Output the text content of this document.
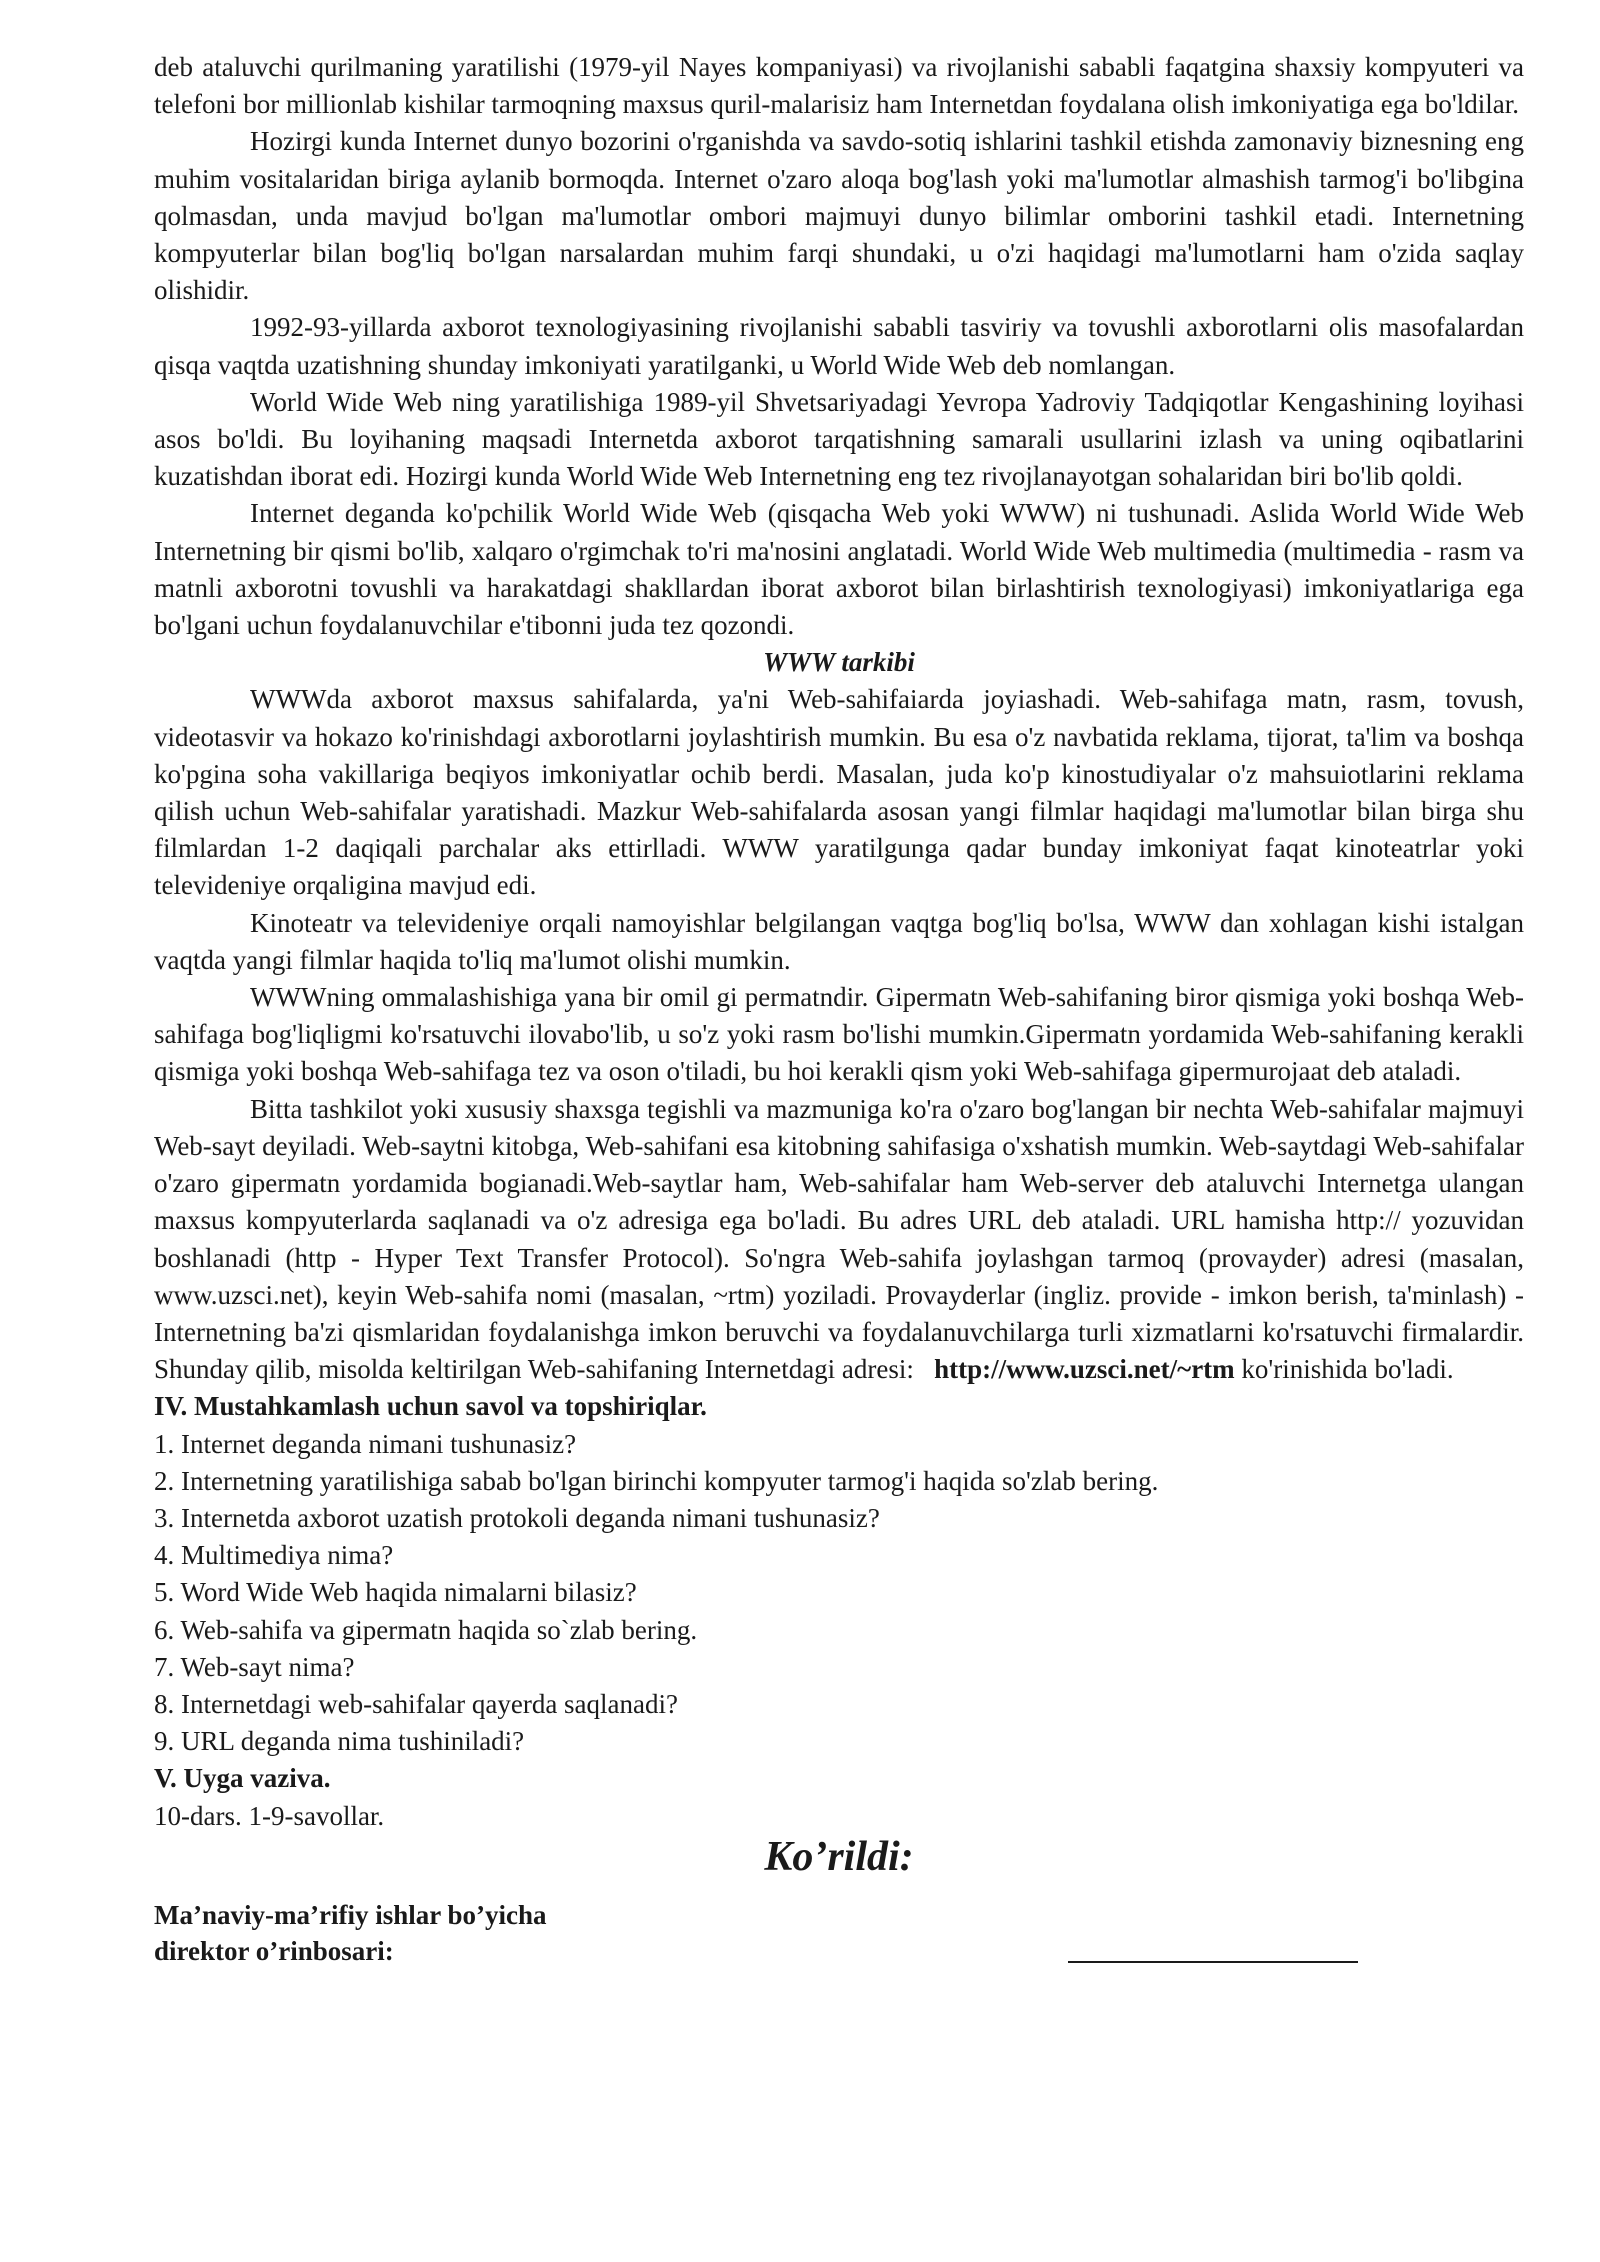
deb ataluvchi qurilmaning yaratilishi (1979-yil Nayes kompaniyasi) va rivojlanishi sababli faqatgina shaxsiy kompyuteri va telefoni bor millionlab kishilar tarmoqning maxsus quril-malarisiz ham Internetdan foydalana olish imkoniyatiga ega bo'ldilar.

Hozirgi kunda Internet dunyo bozorini o'rganishda va savdo-sotiq ishlarini tashkil etishda zamonaviy biznesning eng muhim vositalaridan biriga aylanib bormoqda. Internet o'zaro aloqa bog'lash yoki ma'lumotlar almashish tarmog'i bo'libgina qolmasdan, unda mavjud bo'lgan ma'lumotlar ombori majmuyi dunyo bilimlar omborini tashkil etadi. Internetning kompyuterlar bilan bog'liq bo'lgan narsalardan muhim farqi shundaki, u o'zi haqidagi ma'lumotlarni ham o'zida saqlay olishidir.

1992-93-yillarda axborot texnologiyasining rivojlanishi sababli tasviriy va tovushli axborotlarni olis masofalardan qisqa vaqtda uzatishning shunday imkoniyati yaratilganki, u World Wide Web deb nomlangan.

World Wide Web ning yaratilishiga 1989-yil Shvetsariyadagi Yevropa Yadroviy Tadqiqotlar Kengashining loyihasi asos bo'ldi. Bu loyihaning maqsadi Internetda axborot tarqatishning samarali usullarini izlash va uning oqibatlarini kuzatishdan iborat edi. Hozirgi kunda World Wide Web Internetning eng tez rivojlanayotgan sohalaridan biri bo'lib qoldi.

Internet deganda ko'pchilik World Wide Web (qisqacha Web yoki WWW) ni tushunadi. Aslida World Wide Web Internetning bir qismi bo'lib, xalqaro o'rgimchak to'ri ma'nosini anglatadi. World Wide Web multimedia (multimedia - rasm va matnli axborotni tovushli va harakatdagi shakllardan iborat axborot bilan birlashtirish texnologiyasi) imkoniyatlariga ega bo'lgani uchun foydalanuvchilar e'tibonni juda tez qozondi.

WWW tarkibi

WWWda axborot maxsus sahifalarda, ya'ni Web-sahifaiarda joyiashadi. Web-sahifaga matn, rasm, tovush, videotasvir va hokazo ko'rinishdagi axborotlarni joylashtirish mumkin. Bu esa o'z navbatida reklama, tijorat, ta'lim va boshqa ko'pgina soha vakillariga beqiyos imkoniyatlar ochib berdi. Masalan, juda ko'p kinostudiyalar o'z mahsuiotlarini reklama qilish uchun Web-sahifalar yaratishadi. Mazkur Web-sahifalarda asosan yangi filmlar haqidagi ma'lumotlar bilan birga shu filmlardan 1-2 daqiqali parchalar aks ettirlladi. WWW yaratilgunga qadar bunday imkoniyat faqat kinoteatrlar yoki televideniye orqaligina mavjud edi.

Kinoteatr va televideniye orqali namoyishlar belgilangan vaqtga bog'liq bo'lsa, WWW dan xohlagan kishi istalgan vaqtda yangi filmlar haqida to'liq ma'lumot olishi mumkin.

WWWning ommalashishiga yana bir omil gi permatndir. Gipermatn Web-sahifaning biror qismiga yoki boshqa Web-sahifaga bog'liqligmi ko'rsatuvchi ilovabo'lib, u so'z yoki rasm bo'lishi mumkin.Gipermatn yordamida Web-sahifaning kerakli qismiga yoki boshqa Web-sahifaga tez va oson o'tiladi, bu hoi kerakli qism yoki Web-sahifaga gipermurojaat deb ataladi.

Bitta tashkilot yoki xususiy shaxsga tegishli va mazmuniga ko'ra o'zaro bog'langan bir nechta Web-sahifalar majmuyi Web-sayt deyiladi. Web-saytni kitobga, Web-sahifani esa kitobning sahifasiga o'xshatish mumkin. Web-saytdagi Web-sahifalar o'zaro gipermatn yordamida bogianadi.Web-saytlar ham, Web-sahifalar ham Web-server deb ataluvchi Internetga ulangan maxsus kompyuterlarda saqlanadi va o'z adresiga ega bo'ladi. Bu adres URL deb ataladi. URL hamisha http:// yozuvidan boshlanadi (http - Hyper Text Transfer Protocol). So'ngra Web-sahifa joylashgan tarmoq (provayder) adresi (masalan, www.uzsci.net), keyin Web-sahifa nomi (masalan, ~rtm) yoziladi. Provayderlar (ingliz. provide - imkon berish, ta'minlash) -Internetning ba'zi qismlaridan foydalanishga imkon beruvchi va foydalanuvchilarga turli xizmatlarni ko'rsatuvchi firmalardir. Shunday qilib, misolda keltirilgan Web-sahifaning Internetdagi adresi: http://www.uzsci.net/~rtm ko'rinishida bo'ladi.

IV. Mustahkamlash uchun savol va topshiriqlar.

1. Internet deganda nimani tushunasiz?

2. Internetning yaratilishiga sabab bo'lgan birinchi kompyuter tarmog'i haqida so'zlab bering.

3. Internetda axborot uzatish protokoli deganda nimani tushunasiz?

4. Multimediya nima?

5. Word Wide Web haqida nimalarni bilasiz?

6. Web-sahifa va gipermatn haqida so`zlab bering.

7. Web-sayt nima?

8. Internetdagi web-sahifalar qayerda saqlanadi?

9. URL deganda nima tushiniladi?

V. Uyga vaziva.

10-dars. 1-9-savollar.

Ko’rildi:
Ma’naviy-ma’rifiy ishlar bo’yicha
direktor o’rinbosari:
